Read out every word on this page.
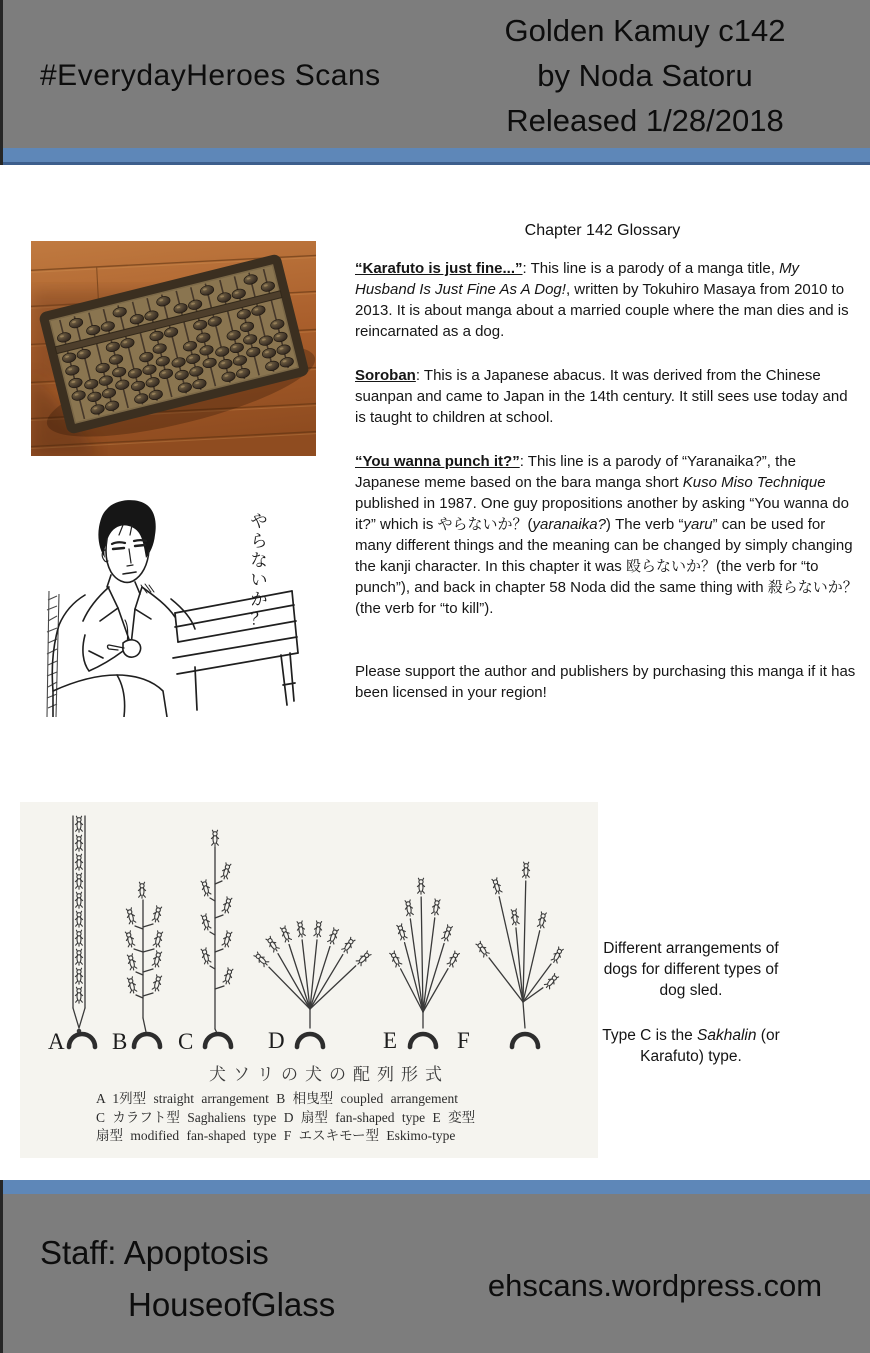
#EverydayHeroes Scans
Golden Kamuy c142
by Noda Satoru
Released 1/28/2018
Chapter 142 Glossary

“Karafuto is just fine...”: This line is a parody of a manga title, My Husband Is Just Fine As A Dog!, written by Tokuhiro Masaya from 2010 to 2013. It is about manga about a married couple where the man dies and is reincarnated as a dog.

Soroban: This is a Japanese abacus. It was derived from the Chinese suanpan and came to Japan in the 14th century. It still sees use today and is taught to children at school.

“You wanna punch it?”: This line is a parody of “Yaranaika?”, the Japanese meme based on the bara manga short Kuso Miso Technique published in 1987. One guy propositions another by asking “You wanna do it?” which is やらないか？(yaranaika?) The verb “yaru” can be used for many different things and the meaning can be changed by simply changing the kanji character. In this chapter it was 殴らないか？(the verb for “to punch”), and back in chapter 58 Noda did the same thing with 殺らないか？ (the verb for “to kill”).

Please support the author and publishers by purchasing this manga if it has been licensed in your region!

や
ら
な
い
か
？
A B C	D	E	F
犬ソリの犬の配列形式
A 1列型 straight arrangement B 相曳型 coupled arrangement
C カラフト型 Saghaliens type D 扇型 fan-shaped type E 変型
扇型 modified fan-shaped type F エスキモー型 Eskimo-type

Different arrangements of dogs for different types of dog sled.

Type C is the Sakhalin (or Karafuto) type.

Staff: Apoptosis
HouseofGlass
ehscans.wordpress.com
